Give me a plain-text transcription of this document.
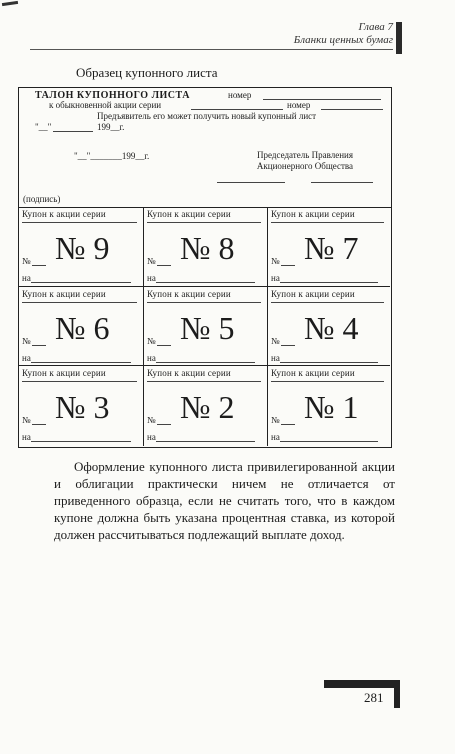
Глава 7
Бланки ценных бумаг
Образец купонного листа
ТАЛОН КУПОННОГО ЛИСТА	номер
к обыкновенной акции серии	номер
Предъявитель его может получить новый купонный лист
"__"	199__г.
"__"_______199__г.	Председатель Правления
Акционерного Общества
(подпись)
Купон к акции серии
№ № 9
на
Купон к акции серии
№ № 8
на
Купон к акции серии
№ № 7
на
Купон к акции серии
№ № 6
на
Купон к акции серии
№ № 5
на
Купон к акции серии
№ № 4
на
Купон к акции серии
№ № 3
на
Купон к акции серии
№ № 2
на
Купон к акции серии
№ № 1
на
Оформление купонного листа привилегированной акции и облигации практически ничем не отличается от приведенного образца, если не считать того, что в каждом купоне должна быть указана процентная ставка, из которой должен рассчитываться подлежащий выплате доход.
281
